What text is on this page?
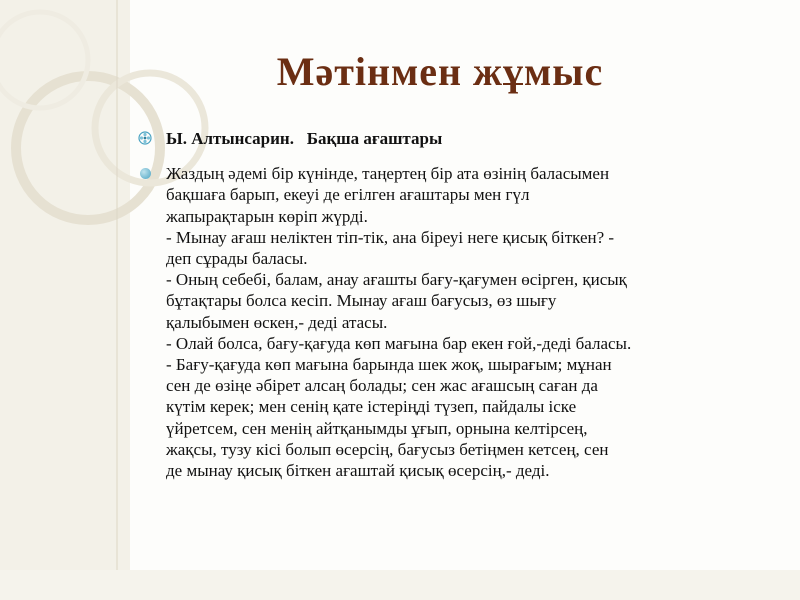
Мәтінмен жұмыс
Ы. Алтынсарин.   Бақша ағаштары

Жаздың әдемі бір күнінде, таңертең бір ата өзінің баласымен

бақшаға барып, екеуі де егілген ағаштары мен гүл

жапырақтарын көріп жүрді.

- Мынау ағаш неліктен тіп-тік, ана біреуі неге қисық біткен? -

деп сұрады баласы.

- Оның себебі, балам, анау ағашты бағу-қағумен өсірген, қисық

бұтақтары болса кесіп. Мынау ағаш бағусыз, өз шығу

қалыбымен өскен,- деді атасы.

- Олай болса, бағу-қағуда көп мағына бар екен ғой,-деді баласы.

- Бағу-қағуда көп мағына барында шек жоқ, шырағым; мұнан

сен де өзіңе әбірет алсаң болады; сен жас ағашсың саған да

күтім керек; мен сенің қате істеріңді түзеп, пайдалы іске

үйретсем, сен менің айтқанымды ұғып, орнына келтірсең,

жақсы, тузу кісі болып өсерсің, бағусыз бетіңмен кетсең, сен

де мынау қисық біткен ағаштай қисық өсерсің,- деді.
